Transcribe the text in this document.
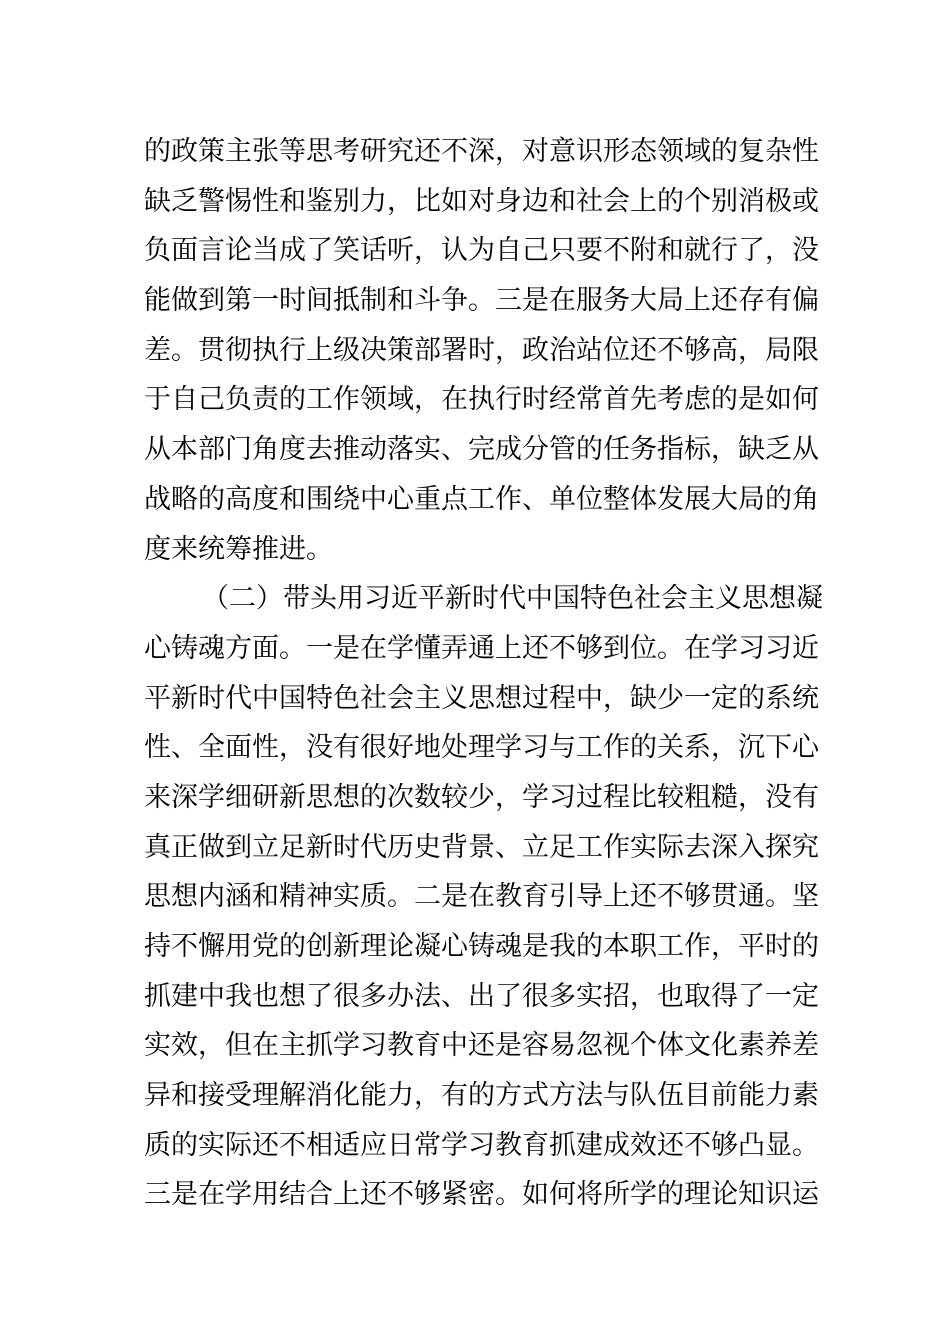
的政策主张等思考研究还不深，对意识形态领域的复杂性
缺乏警惕性和鉴别力，比如对身边和社会上的个别消极或
负面言论当成了笑话听，认为自己只要不附和就行了，没
能做到第一时间抵制和斗争。三是在服务大局上还存有偏
差。贯彻执行上级决策部署时，政治站位还不够高，局限
于自己负责的工作领域，在执行时经常首先考虑的是如何
从本部门角度去推动落实、完成分管的任务指标，缺乏从
战略的高度和围绕中心重点工作、单位整体发展大局的角
度来统筹推进。
（二）带头用习近平新时代中国特色社会主义思想凝
心铸魂方面。一是在学懂弄通上还不够到位。在学习习近
平新时代中国特色社会主义思想过程中，缺少一定的系统
性、全面性，没有很好地处理学习与工作的关系，沉下心
来深学细研新思想的次数较少，学习过程比较粗糙，没有
真正做到立足新时代历史背景、立足工作实际去深入探究
思想内涵和精神实质。二是在教育引导上还不够贯通。坚
持不懈用党的创新理论凝心铸魂是我的本职工作，平时的
抓建中我也想了很多办法、出了很多实招，也取得了一定
实效，但在主抓学习教育中还是容易忽视个体文化素养差
异和接受理解消化能力，有的方式方法与队伍目前能力素
质的实际还不相适应日常学习教育抓建成效还不够凸显。
三是在学用结合上还不够紧密。如何将所学的理论知识运
